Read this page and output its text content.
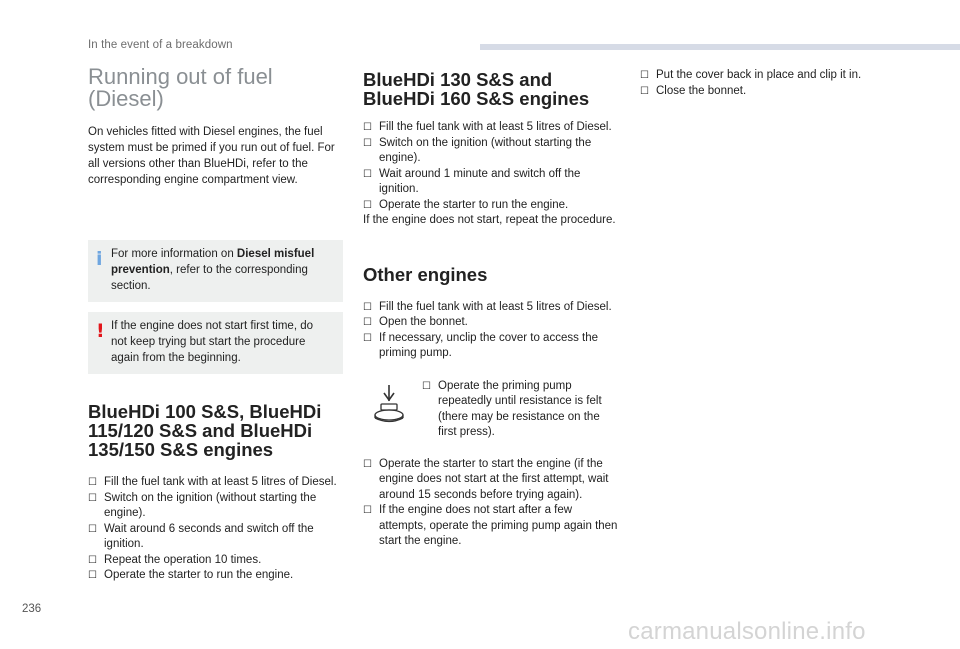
In the event of a breakdown
Running out of fuel
(Diesel)

On vehicles fitted with Diesel engines, the fuel system must be primed if you run out of fuel. For all versions other than BlueHDi, refer to the corresponding engine compartment view.

i For more information on Diesel misfuel prevention, refer to the corresponding section.
! If the engine does not start first time, do not keep trying but start the procedure again from the beginning.
BlueHDi 100 S&S, BlueHDi
115/120 S&S and BlueHDi
135/150 S&S engines
☐ Fill the fuel tank with at least 5 litres of Diesel.
☐ Switch on the ignition (without starting the engine).
☐ Wait around 6 seconds and switch off the ignition.
☐ Repeat the operation 10 times.
☐ Operate the starter to run the engine.
BlueHDi 130 S&S and
BlueHDi 160 S&S engines
☐ Fill the fuel tank with at least 5 litres of Diesel.
☐ Switch on the ignition (without starting the engine).
☐ Wait around 1 minute and switch off the ignition.
☐ Operate the starter to run the engine.

If the engine does not start, repeat the procedure.

Other engines
☐ Fill the fuel tank with at least 5 litres of Diesel.
☐ Open the bonnet.
☐ If necessary, unclip the cover to access the priming pump.
☐ Operate the priming pump repeatedly until resistance is felt (there may be resistance on the first press).
☐ Operate the starter to start the engine (if the engine does not start at the first attempt, wait around 15 seconds before trying again).
☐ If the engine does not start after a few attempts, operate the priming pump again then start the engine.
☐ Put the cover back in place and clip it in.
☐ Close the bonnet.
236
carmanualsonline.info
